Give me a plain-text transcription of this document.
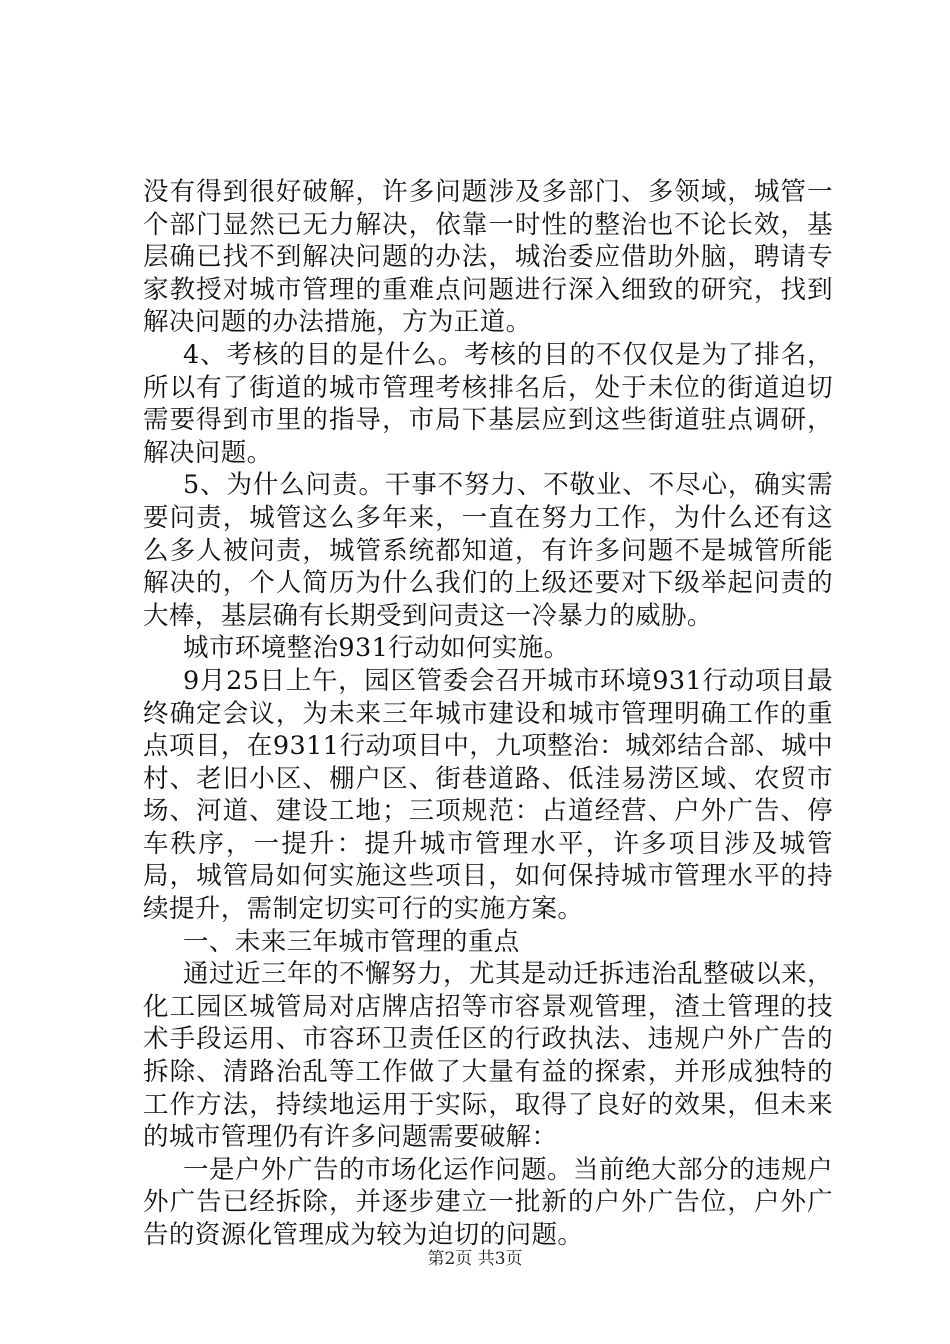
没有得到很好破解，许多问题涉及多部门、多领域，城管一个部门显然已无力解决，依靠一时性的整治也不论长效，基层确已找不到解决问题的办法，城治委应借助外脑，聘请专家教授对城市管理的重难点问题进行深入细致的研究，找到解决问题的办法措施，方为正道。

4、考核的目的是什么。考核的目的不仅仅是为了排名，所以有了街道的城市管理考核排名后，处于未位的街道迫切需要得到市里的指导，市局下基层应到这些街道驻点调研，解决问题。

5、为什么问责。干事不努力、不敬业、不尽心，确实需要问责，城管这么多年来，一直在努力工作，为什么还有这么多人被问责，城管系统都知道，有许多问题不是城管所能解决的，个人简历为什么我们的上级还要对下级举起问责的大棒，基层确有长期受到问责这一冷暴力的威胁。

城市环境整治931行动如何实施。

9月25日上午，园区管委会召开城市环境931行动项目最终确定会议，为未来三年城市建设和城市管理明确工作的重点项目，在9311行动项目中，九项整治：城郊结合部、城中村、老旧小区、棚户区、街巷道路、低洼易涝区域、农贸市场、河道、建设工地；三项规范：占道经营、户外广告、停车秩序，一提升：提升城市管理水平，许多项目涉及城管局，城管局如何实施这些项目，如何保持城市管理水平的持续提升，需制定切实可行的实施方案。

一、未来三年城市管理的重点

通过近三年的不懈努力，尤其是动迁拆违治乱整破以来，化工园区城管局对店牌店招等市容景观管理，渣土管理的技术手段运用、市容环卫责任区的行政执法、违规户外广告的拆除、清路治乱等工作做了大量有益的探索，并形成独特的工作方法，持续地运用于实际，取得了良好的效果，但未来的城市管理仍有许多问题需要破解：

一是户外广告的市场化运作问题。当前绝大部分的违规户外广告已经拆除，并逐步建立一批新的户外广告位，户外广告的资源化管理成为较为迫切的问题。

第2页 共3页
